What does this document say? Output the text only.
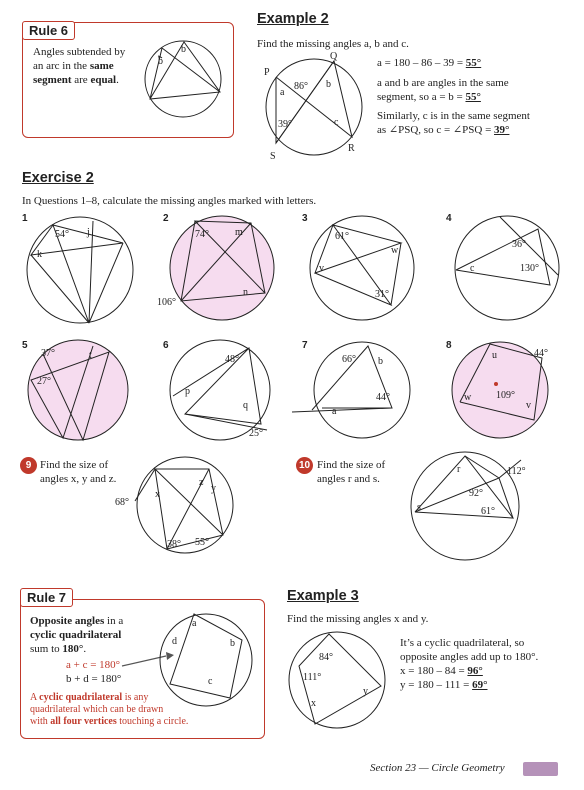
Rule 6
Angles subtended by
an arc in the same
segment are equal.
b
b
Example 2
Find the missing angles a, b and c.
P
Q
R
S
a
b
c
86°
39°
a = 180 – 86 – 39 = 55°

a and b are angles in the same
segment, so a = b = 55°

Similarly, c is in the same segment
as ∠PSQ, so c = ∠PSQ = 39°
Exercise 2
In Questions 1–8, calculate the missing angles marked with letters.
1
54° j
k
2
74°	m
106°
n
3
61°
v
w
31°
4
36°
130°
c
5
37°
27°
t
6
48°
p
q
25°
7
66° b
44°
a
8
u	44°
109°
w
v
9 Find the size of
angles x, y and z.
68°
x
y
z
38° 55°
10 Find the size of
angles r and s.
r	112°
92°
61°
s
Rule 7
Opposite angles in a
cyclic quadrilateral
sum to 180°.
a + c = 180°
b + d = 180°
A cyclic quadrilateral is any
quadrilateral which can be drawn
with all four vertices touching a circle.
a
b
c
d
Example 3
Find the missing angles x and y.
84°
111°
x
y
It’s a cyclic quadrilateral, so
opposite angles add up to 180°.
x = 180 – 84 = 96°
y = 180 – 111 = 69°
Section 23 — Circle Geometry
